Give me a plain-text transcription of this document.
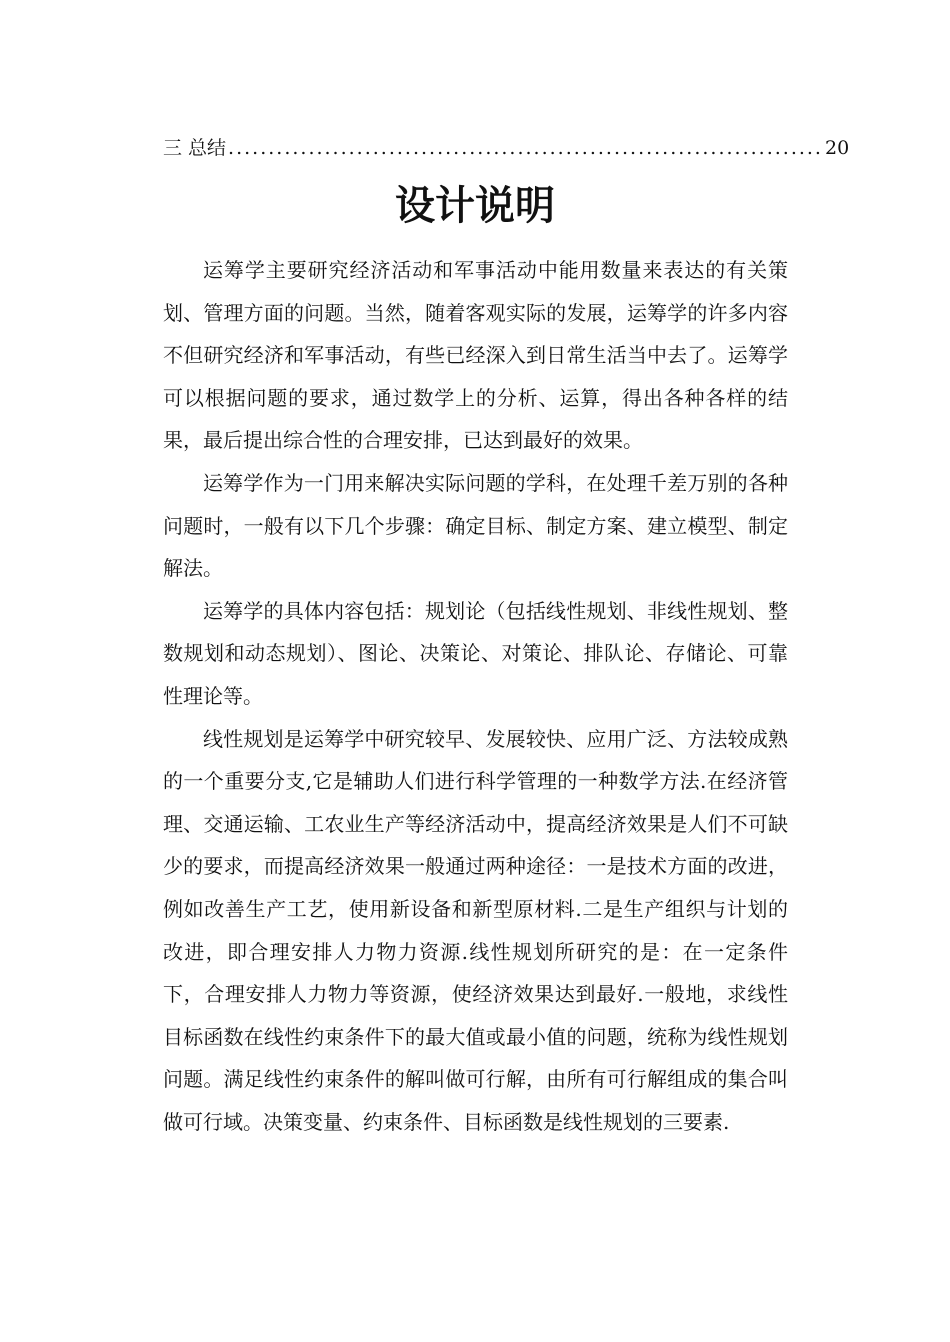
三 总结 .......................................................................... 20
设计说明

运筹学主要研究经济活动和军事活动中能用数量来表达的有关策划、管理方面的问题。当然，随着客观实际的发展，运筹学的许多内容不但研究经济和军事活动，有些已经深入到日常生活当中去了。运筹学可以根据问题的要求，通过数学上的分析、运算，得出各种各样的结果，最后提出综合性的合理安排，已达到最好的效果。

运筹学作为一门用来解决实际问题的学科，在处理千差万别的各种问题时，一般有以下几个步骤：确定目标、制定方案、建立模型、制定解法。

运筹学的具体内容包括：规划论（包括线性规划、非线性规划、整数规划和动态规划）、图论、决策论、对策论、排队论、存储论、可靠性理论等。

线性规划是运筹学中研究较早、发展较快、应用广泛、方法较成熟的一个重要分支,它是辅助人们进行科学管理的一种数学方法.在经济管理、交通运输、工农业生产等经济活动中，提高经济效果是人们不可缺少的要求，而提高经济效果一般通过两种途径：一是技术方面的改进，例如改善生产工艺，使用新设备和新型原材料.二是生产组织与计划的改进，即合理安排人力物力资源.线性规划所研究的是：在一定条件下，合理安排人力物力等资源，使经济效果达到最好.一般地，求线性目标函数在线性约束条件下的最大值或最小值的问题，统称为线性规划问题。满足线性约束条件的解叫做可行解，由所有可行解组成的集合叫做可行域。决策变量、约束条件、目标函数是线性规划的三要素.
